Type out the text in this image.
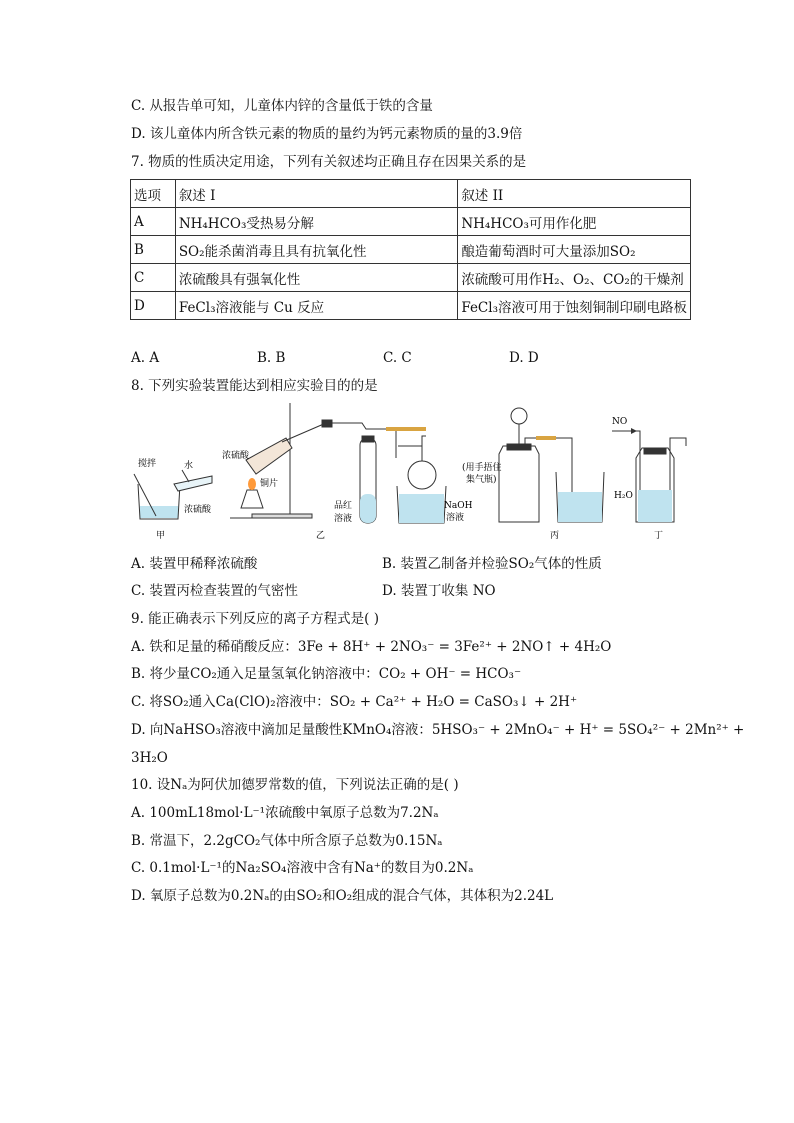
C. 从报告单可知，儿童体内锌的含量低于铁的含量
D. 该儿童体内所含铁元素的物质的量约为钙元素物质的量的3.9倍
7. 物质的性质决定用途，下列有关叙述均正确且存在因果关系的是
选项	叙述 I	叙述 II
A	NH₄HCO₃受热易分解	NH₄HCO₃可用作化肥
B	SO₂能杀菌消毒且具有抗氧化性	酿造葡萄酒时可大量添加SO₂
C	浓硫酸具有强氧化性	浓硫酸可用作H₂、O₂、CO₂的干燥剂
D	FeCl₃溶液能与 Cu 反应	FeCl₃溶液可用于蚀刻铜制印刷电路板
A. A	B. B	C. C	D. D
8. 下列实验装置能达到相应实验目的的是
搅拌	水
浓硫酸
甲
浓硫酸
铜片
品红
溶液
NaOH
溶液
乙
(用手捂住
集气瓶)
丙
NO
H₂O
丁
A. 装置甲稀释浓硫酸	B. 装置乙制备并检验SO₂气体的性质
C. 装置丙检查装置的气密性	D. 装置丁收集 NO
9. 能正确表示下列反应的离子方程式是( )
A. 铁和足量的稀硝酸反应：3Fe + 8H⁺ + 2NO₃⁻ = 3Fe²⁺ + 2NO↑ + 4H₂O
B. 将少量CO₂通入足量氢氧化钠溶液中：CO₂ + OH⁻ = HCO₃⁻
C. 将SO₂通入Ca(ClO)₂溶液中：SO₂ + Ca²⁺ + H₂O = CaSO₃↓ + 2H⁺
D. 向NaHSO₃溶液中滴加足量酸性KMnO₄溶液：5HSO₃⁻ + 2MnO₄⁻ + H⁺ = 5SO₄²⁻ + 2Mn²⁺ +
3H₂O
10. 设Nₐ为阿伏加德罗常数的值，下列说法正确的是( )
A. 100mL18mol·L⁻¹浓硫酸中氧原子总数为7.2Nₐ
B. 常温下，2.2gCO₂气体中所含原子总数为0.15Nₐ
C. 0.1mol·L⁻¹的Na₂SO₄溶液中含有Na⁺的数目为0.2Nₐ
D. 氧原子总数为0.2Nₐ的由SO₂和O₂组成的混合气体，其体积为2.24L
